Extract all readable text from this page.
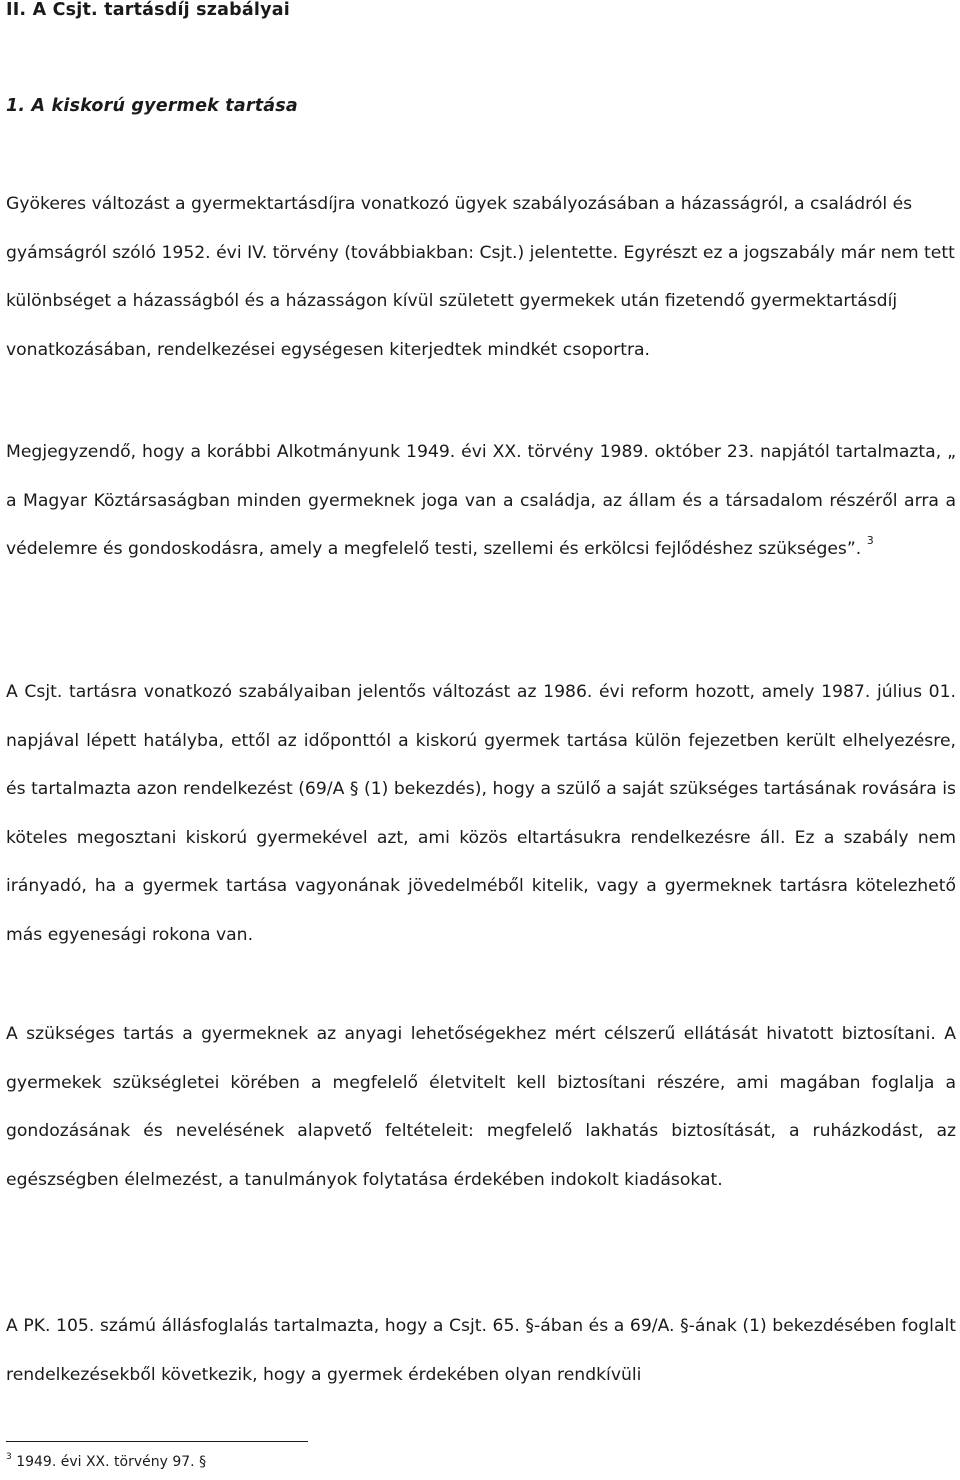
II. A Csjt. tartásdíj szabályai
1. A kiskorú gyermek tartása

Gyökeres változást a gyermektartásdíjra vonatkozó ügyek szabályozásában a házasságról, a családról és gyámságról szóló 1952. évi IV. törvény (továbbiakban: Csjt.) jelentette. Egyrészt ez a jogszabály már nem tett különbséget a házasságból és a házasságon kívül született gyermekek után fizetendő gyermektartásdíj vonatkozásában, rendelkezései egységesen kiterjedtek mindkét csoportra.

Megjegyzendő, hogy a korábbi Alkotmányunk 1949. évi XX. törvény 1989. október 23. napjától tartalmazta, „ a Magyar Köztársaságban minden gyermeknek joga van a családja, az állam és a társadalom részéről arra a védelemre és gondoskodásra, amely a megfelelő testi, szellemi és erkölcsi fejlődéshez szükséges”. $^3$

A Csjt. tartásra vonatkozó szabályaiban jelentős változást az 1986. évi reform hozott, amely 1987. július 01. napjával lépett hatályba, ettől az időponttól a kiskorú gyermek tartása külön fejezetben került elhelyezésre, és tartalmazta azon rendelkezést (69/A § (1) bekezdés), hogy a szülő a saját szükséges tartásának rovására is köteles megosztani kiskorú gyermekével azt, ami közös eltartásukra rendelkezésre áll. Ez a szabály nem irányadó, ha a gyermek tartása vagyonának jövedelméből kitelik, vagy a gyermeknek tartásra kötelezhető más egyenesági rokona van.

A szükséges tartás a gyermeknek az anyagi lehetőségekhez mért célszerű ellátását hivatott biztosítani. A gyermekek szükségletei körében a megfelelő életvitelt kell biztosítani részére, ami magában foglalja a gondozásának és nevelésének alapvető feltételeit: megfelelő lakhatás biztosítását, a ruházkodást, az egészségben élelmezést, a tanulmányok folytatása érdekében indokolt kiadásokat.

A PK. 105. számú állásfoglalás tartalmazta, hogy a Csjt. 65. §-ában és a 69/A. §-ának (1) bekezdésében foglalt rendelkezésekből következik, hogy a gyermek érdekében olyan rendkívüli

$^3$ 1949. évi XX. törvény 97. §
